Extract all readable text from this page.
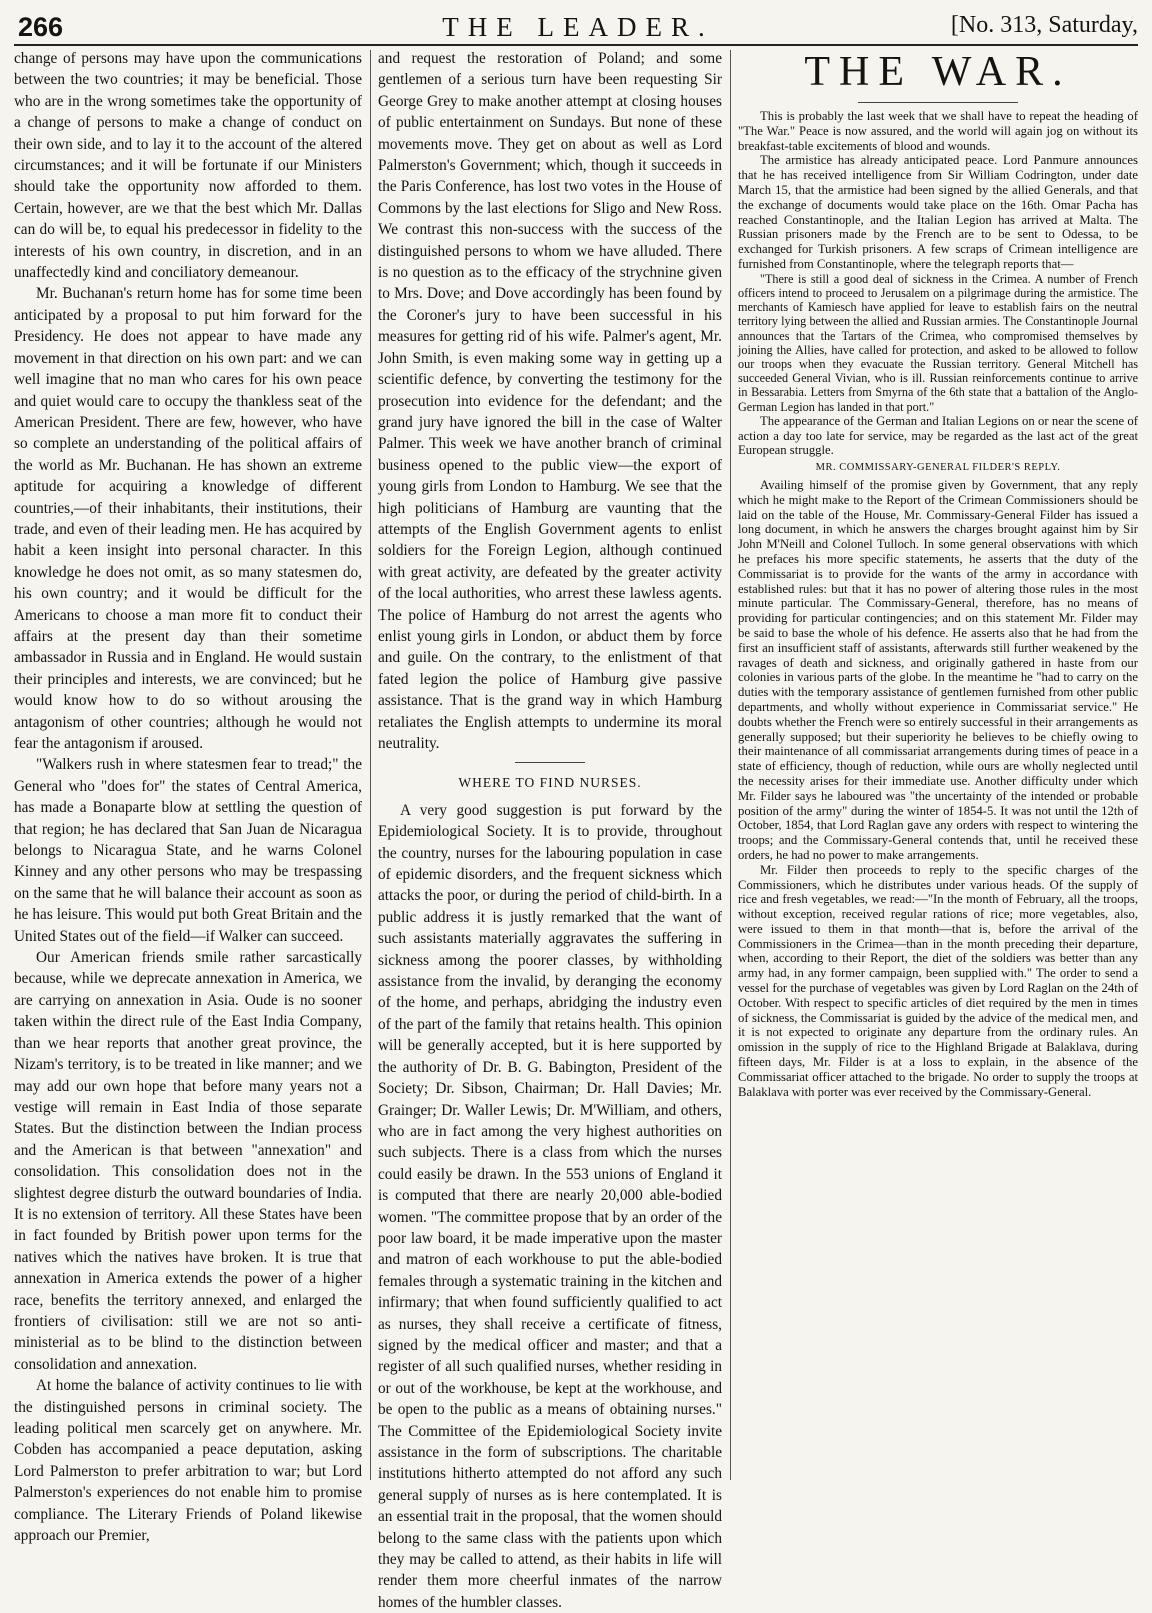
266	THE LEADER.	[No. 313, Saturday,

change of persons may have upon the communications between the two countries; it may be beneficial. Those who are in the wrong sometimes take the opportunity of a change of persons to make a change of conduct on their own side, and to lay it to the account of the altered circumstances; and it will be fortunate if our Ministers should take the opportunity now afforded to them. Certain, however, are we that the best which Mr. Dallas can do will be, to equal his predecessor in fidelity to the interests of his own country, in discretion, and in an unaffectedly kind and conciliatory demeanour.

Mr. Buchanan's return home has for some time been anticipated by a proposal to put him forward for the Presidency. He does not appear to have made any movement in that direction on his own part: and we can well imagine that no man who cares for his own peace and quiet would care to occupy the thankless seat of the American President. There are few, however, who have so complete an understanding of the political affairs of the world as Mr. Buchanan. He has shown an extreme aptitude for acquiring a knowledge of different countries,—of their inhabitants, their institutions, their trade, and even of their leading men. He has acquired by habit a keen insight into personal character. In this knowledge he does not omit, as so many statesmen do, his own country; and it would be difficult for the Americans to choose a man more fit to conduct their affairs at the present day than their sometime ambassador in Russia and in England. He would sustain their principles and interests, we are convinced; but he would know how to do so without arousing the antagonism of other countries; although he would not fear the antagonism if aroused.

"Walkers rush in where statesmen fear to tread;" the General who "does for" the states of Central America, has made a Bonaparte blow at settling the question of that region; he has declared that San Juan de Nicaragua belongs to Nicaragua State, and he warns Colonel Kinney and any other persons who may be trespassing on the same that he will balance their account as soon as he has leisure. This would put both Great Britain and the United States out of the field—if Walker can succeed.

Our American friends smile rather sarcastically because, while we deprecate annexation in America, we are carrying on annexation in Asia. Oude is no sooner taken within the direct rule of the East India Company, than we hear reports that another great province, the Nizam's territory, is to be treated in like manner; and we may add our own hope that before many years not a vestige will remain in East India of those separate States. But the distinction between the Indian process and the American is that between "annexation" and consolidation. This consolidation does not in the slightest degree disturb the outward boundaries of India. It is no extension of territory. All these States have been in fact founded by British power upon terms for the natives which the natives have broken. It is true that annexation in America extends the power of a higher race, benefits the territory annexed, and enlarged the frontiers of civilisation: still we are not so anti-ministerial as to be blind to the distinction between consolidation and annexation.

At home the balance of activity continues to lie with the distinguished persons in criminal society. The leading political men scarcely get on anywhere. Mr. Cobden has accompanied a peace deputation, asking Lord Palmerston to prefer arbitration to war; but Lord Palmerston's experiences do not enable him to promise compliance. The Literary Friends of Poland likewise approach our Premier,

and request the restoration of Poland; and some gentlemen of a serious turn have been requesting Sir George Grey to make another attempt at closing houses of public entertainment on Sundays. But none of these movements move. They get on about as well as Lord Palmerston's Government; which, though it succeeds in the Paris Conference, has lost two votes in the House of Commons by the last elections for Sligo and New Ross. We contrast this non-success with the success of the distinguished persons to whom we have alluded. There is no question as to the efficacy of the strychnine given to Mrs. Dove; and Dove accordingly has been found by the Coroner's jury to have been successful in his measures for getting rid of his wife. Palmer's agent, Mr. John Smith, is even making some way in getting up a scientific defence, by converting the testimony for the prosecution into evidence for the defendant; and the grand jury have ignored the bill in the case of Walter Palmer. This week we have another branch of criminal business opened to the public view—the export of young girls from London to Hamburg. We see that the high politicians of Hamburg are vaunting that the attempts of the English Government agents to enlist soldiers for the Foreign Legion, although continued with great activity, are defeated by the greater activity of the local authorities, who arrest these lawless agents. The police of Hamburg do not arrest the agents who enlist young girls in London, or abduct them by force and guile. On the contrary, to the enlistment of that fated legion the police of Hamburg give passive assistance. That is the grand way in which Hamburg retaliates the English attempts to undermine its moral neutrality.

WHERE TO FIND NURSES.

A very good suggestion is put forward by the Epidemiological Society. It is to provide, throughout the country, nurses for the labouring population in case of epidemic disorders, and the frequent sickness which attacks the poor, or during the period of child-birth. In a public address it is justly remarked that the want of such assistants materially aggravates the suffering in sickness among the poorer classes, by withholding assistance from the invalid, by deranging the economy of the home, and perhaps, abridging the industry even of the part of the family that retains health. This opinion will be generally accepted, but it is here supported by the authority of Dr. B. G. Babington, President of the Society; Dr. Sibson, Chairman; Dr. Hall Davies; Mr. Grainger; Dr. Waller Lewis; Dr. M'William, and others, who are in fact among the very highest authorities on such subjects. There is a class from which the nurses could easily be drawn. In the 553 unions of England it is computed that there are nearly 20,000 able-bodied women. "The committee propose that by an order of the poor law board, it be made imperative upon the master and matron of each workhouse to put the able-bodied females through a systematic training in the kitchen and infirmary; that when found sufficiently qualified to act as nurses, they shall receive a certificate of fitness, signed by the medical officer and master; and that a register of all such qualified nurses, whether residing in or out of the workhouse, be kept at the workhouse, and be open to the public as a means of obtaining nurses." The Committee of the Epidemiological Society invite assistance in the form of subscriptions. The charitable institutions hitherto attempted do not afford any such general supply of nurses as is here contemplated. It is an essential trait in the proposal, that the women should belong to the same class with the patients upon which they may be called to attend, as their habits in life will render them more cheerful inmates of the narrow homes of the humbler classes.

THE WAR.

This is probably the last week that we shall have to repeat the heading of "The War." Peace is now assured, and the world will again jog on without its breakfast-table excitements of blood and wounds.

The armistice has already anticipated peace. Lord Panmure announces that he has received intelligence from Sir William Codrington, under date March 15, that the armistice had been signed by the allied Generals, and that the exchange of documents would take place on the 16th. Omar Pacha has reached Constantinople, and the Italian Legion has arrived at Malta. The Russian prisoners made by the French are to be sent to Odessa, to be exchanged for Turkish prisoners. A few scraps of Crimean intelligence are furnished from Constantinople, where the telegraph reports that—

"There is still a good deal of sickness in the Crimea. A number of French officers intend to proceed to Jerusalem on a pilgrimage during the armistice. The merchants of Kamiesch have applied for leave to establish fairs on the neutral territory lying between the allied and Russian armies. The Constantinople Journal announces that the Tartars of the Crimea, who compromised themselves by joining the Allies, have called for protection, and asked to be allowed to follow our troops when they evacuate the Russian territory. General Mitchell has succeeded General Vivian, who is ill. Russian reinforcements continue to arrive in Bessarabia. Letters from Smyrna of the 6th state that a battalion of the Anglo-German Legion has landed in that port."

The appearance of the German and Italian Legions on or near the scene of action a day too late for service, may be regarded as the last act of the great European struggle.

MR. COMMISSARY-GENERAL FILDER'S REPLY.

Availing himself of the promise given by Government, that any reply which he might make to the Report of the Crimean Commissioners should be laid on the table of the House, Mr. Commissary-General Filder has issued a long document, in which he answers the charges brought against him by Sir John M'Neill and Colonel Tulloch. In some general observations with which he prefaces his more specific statements, he asserts that the duty of the Commissariat is to provide for the wants of the army in accordance with established rules: but that it has no power of altering those rules in the most minute particular. The Commissary-General, therefore, has no means of providing for particular contingencies; and on this statement Mr. Filder may be said to base the whole of his defence. He asserts also that he had from the first an insufficient staff of assistants, afterwards still further weakened by the ravages of death and sickness, and originally gathered in haste from our colonies in various parts of the globe. In the meantime he "had to carry on the duties with the temporary assistance of gentlemen furnished from other public departments, and wholly without experience in Commissariat service." He doubts whether the French were so entirely successful in their arrangements as generally supposed; but their superiority he believes to be chiefly owing to their maintenance of all commissariat arrangements during times of peace in a state of efficiency, though of reduction, while ours are wholly neglected until the necessity arises for their immediate use. Another difficulty under which Mr. Filder says he laboured was "the uncertainty of the intended or probable position of the army" during the winter of 1854-5. It was not until the 12th of October, 1854, that Lord Raglan gave any orders with respect to wintering the troops; and the Commissary-General contends that, until he received these orders, he had no power to make arrangements.

Mr. Filder then proceeds to reply to the specific charges of the Commissioners, which he distributes under various heads. Of the supply of rice and fresh vegetables, we read:—"In the month of February, all the troops, without exception, received regular rations of rice; more vegetables, also, were issued to them in that month—that is, before the arrival of the Commissioners in the Crimea—than in the month preceding their departure, when, according to their Report, the diet of the soldiers was better than any army had, in any former campaign, been supplied with." The order to send a vessel for the purchase of vegetables was given by Lord Raglan on the 24th of October. With respect to specific articles of diet required by the men in times of sickness, the Commissariat is guided by the advice of the medical men, and it is not expected to originate any departure from the ordinary rules. An omission in the supply of rice to the Highland Brigade at Balaklava, during fifteen days, Mr. Filder is at a loss to explain, in the absence of the Commissariat officer attached to the brigade. No order to supply the troops at Balaklava with porter was ever received by the Commissary-General.
